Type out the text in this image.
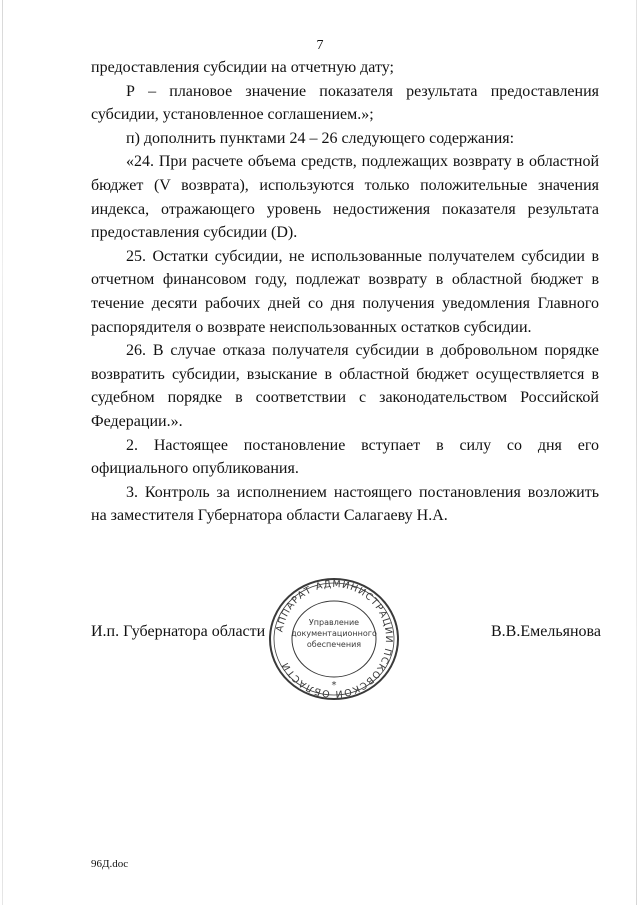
7

предоставления субсидии на отчетную дату;

Р – плановое значение показателя результата предоставления субсидии, установленное соглашением.»;

п) дополнить пунктами 24 – 26 следующего содержания:

«24. При расчете объема средств, подлежащих возврату в областной бюджет (V возврата), используются только положительные значения индекса, отражающего уровень недостижения показателя результата предоставления субсидии (D).

25. Остатки субсидии, не использованные получателем субсидии в отчетном финансовом году, подлежат возврату в областной бюджет в течение десяти рабочих дней со дня получения уведомления Главного распорядителя о возврате неиспользованных остатков субсидии.

26. В случае отказа получателя субсидии в добровольном порядке возвратить субсидии, взыскание в областной бюджет осуществляется в судебном порядке в соответствии с законодательством Российской Федерации.».

2. Настоящее постановление вступает в силу со дня его официального опубликования.

3. Контроль за исполнением настоящего постановления возложить на заместителя Губернатора области Салагаеву Н.А.

И.п. Губернатора области	В.В.Емельянова
АППАРАТ АДМИНИСТРАЦИИ ПСКОВСКОЙ ОБЛАСТИ
Управление
документационного
обеспечения
*
96Д.doc
